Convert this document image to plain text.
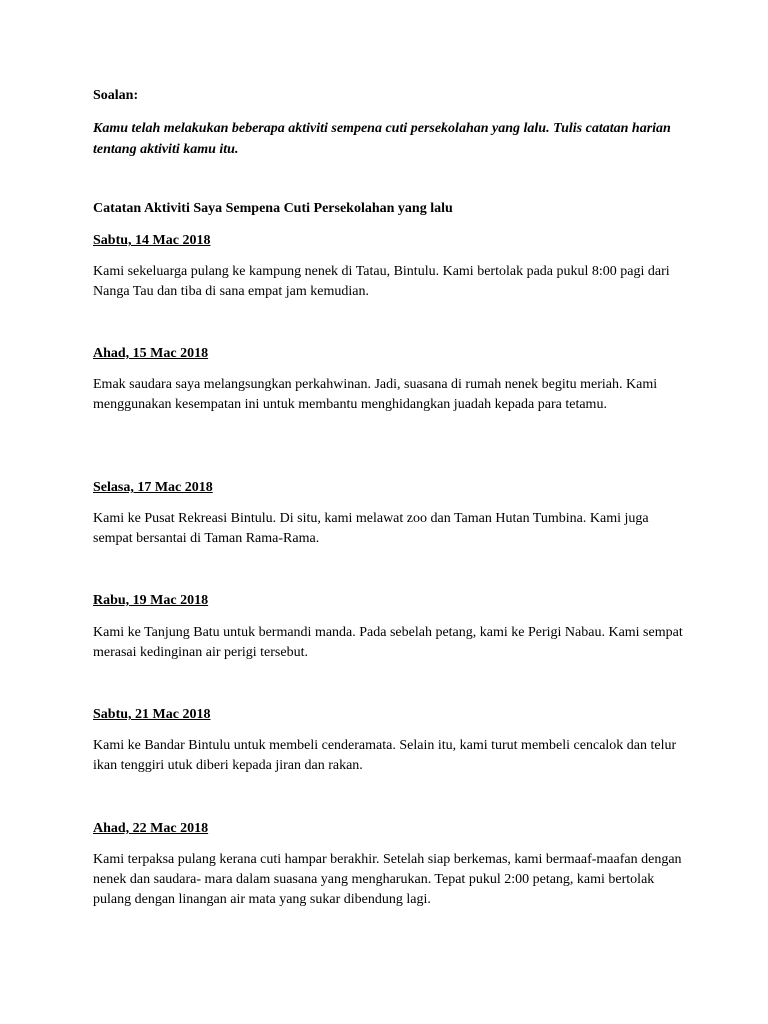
Soalan:
Kamu telah melakukan beberapa aktiviti sempena cuti persekolahan yang lalu. Tulis catatan harian tentang aktiviti kamu itu.
Catatan Aktiviti Saya Sempena Cuti Persekolahan yang lalu
Sabtu, 14 Mac 2018
Kami sekeluarga pulang ke kampung nenek di Tatau, Bintulu. Kami bertolak pada pukul 8:00 pagi dari Nanga Tau dan tiba di sana empat jam kemudian.
Ahad, 15 Mac 2018
Emak saudara saya melangsungkan perkahwinan. Jadi, suasana di rumah nenek begitu meriah. Kami menggunakan kesempatan ini untuk membantu menghidangkan juadah kepada para tetamu.
Selasa, 17 Mac 2018
Kami ke Pusat Rekreasi Bintulu. Di situ, kami melawat zoo dan Taman Hutan Tumbina. Kami juga sempat bersantai di Taman Rama-Rama.
Rabu, 19 Mac 2018
Kami ke Tanjung Batu untuk bermandi manda. Pada sebelah petang, kami ke Perigi Nabau. Kami sempat merasai kedinginan air perigi tersebut.
Sabtu, 21 Mac 2018
Kami ke Bandar Bintulu untuk membeli cenderamata. Selain itu, kami turut membeli cencalok dan telur ikan tenggiri utuk diberi kepada jiran dan rakan.
Ahad, 22 Mac 2018
Kami terpaksa pulang kerana cuti hampar berakhir. Setelah siap berkemas, kami bermaaf-maafan dengan nenek dan saudara- mara dalam suasana yang mengharukan. Tepat pukul 2:00 petang, kami bertolak pulang dengan linangan air mata yang sukar dibendung lagi.
